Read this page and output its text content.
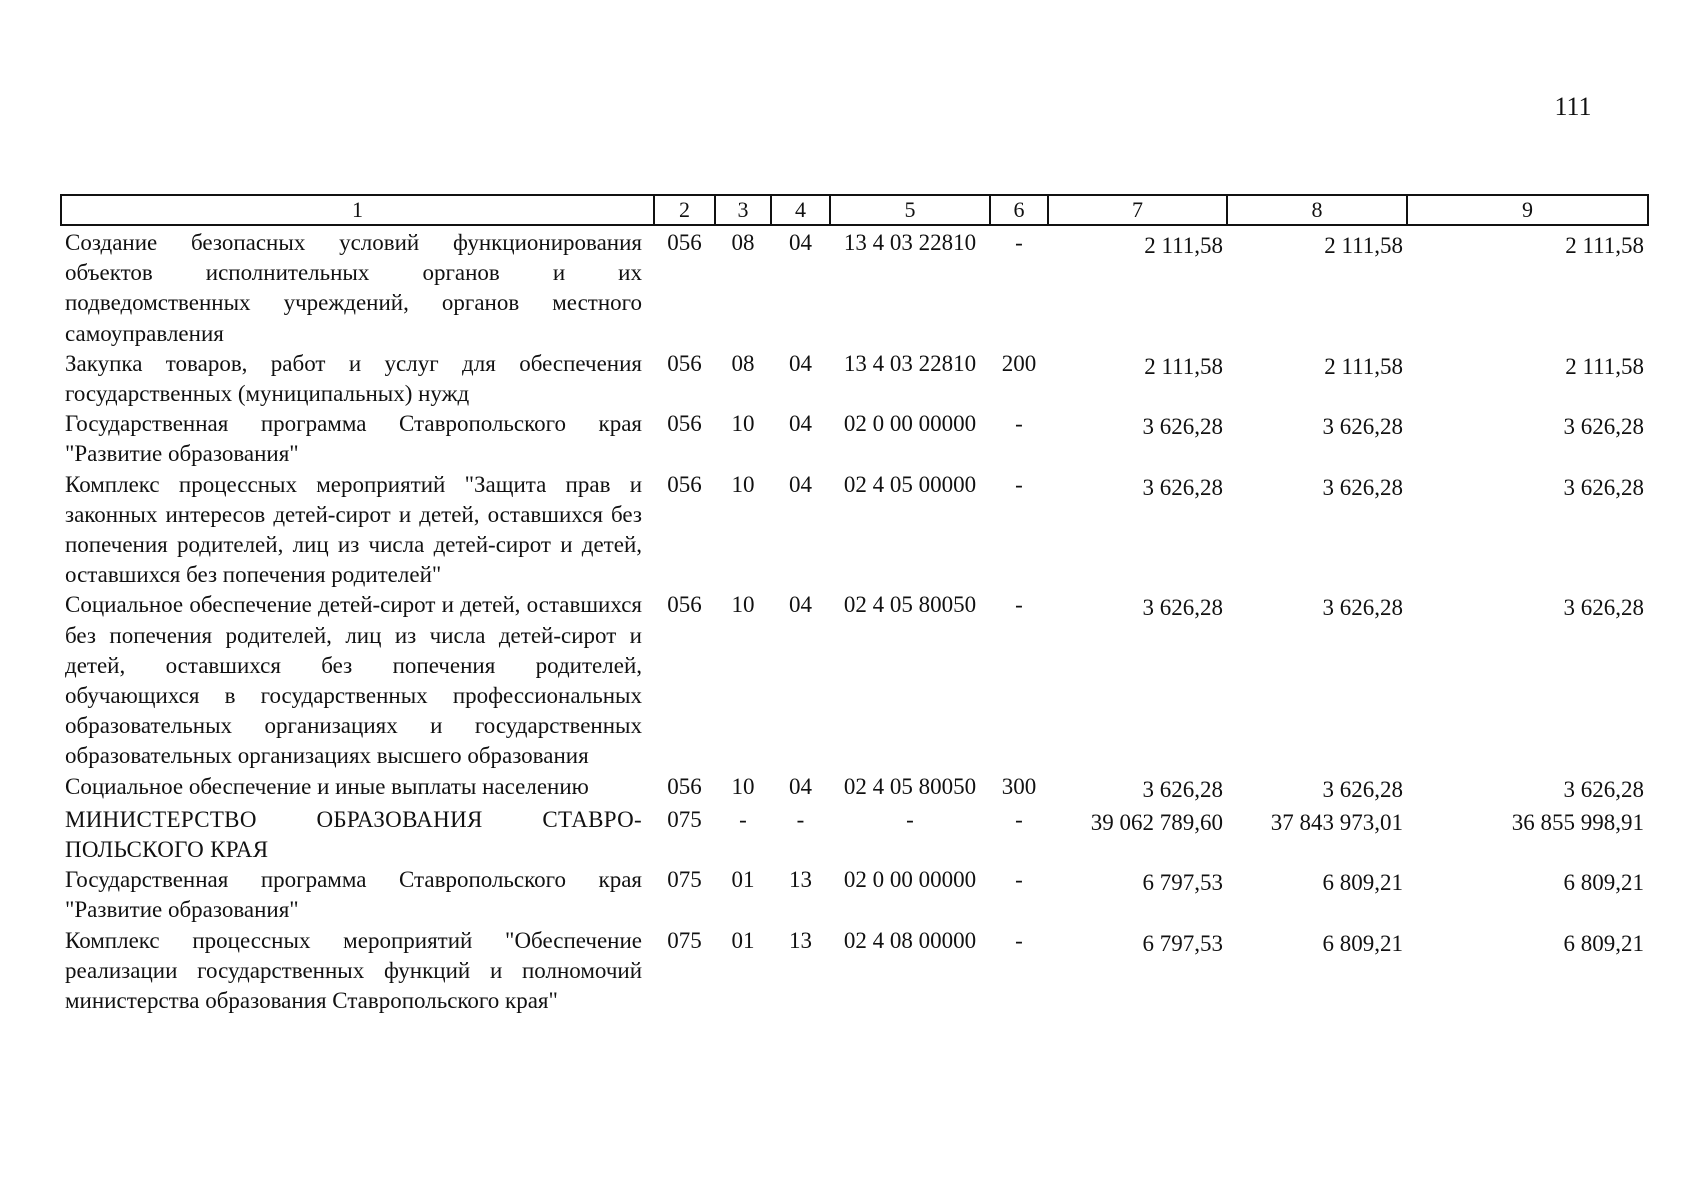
111
1	2	3	4	5	6	7	8	9

Создание безопасных условий функционирования объектов исполнительных органов и их подведомственных учреждений, органов местного самоуправления	056	08	04	13 4 03 22810	-	2 111,58	2 111,58	2 111,58
Закупка товаров, работ и услуг для обеспечения государственных (муниципальных) нужд	056	08	04	13 4 03 22810	200	2 111,58	2 111,58	2 111,58
Государственная программа Ставропольского края "Развитие образования"	056	10	04	02 0 00 00000	-	3 626,28	3 626,28	3 626,28
Комплекс процессных мероприятий "Защита прав и законных интересов детей-сирот и детей, оставшихся без попечения родителей, лиц из числа детей-сирот и детей, оставшихся без попечения родителей"	056	10	04	02 4 05 00000	-	3 626,28	3 626,28	3 626,28
Социальное обеспечение детей-сирот и детей, оставшихся без попечения родителей, лиц из числа детей-сирот и детей, оставшихся без попечения родителей, обучающихся в государственных профессиональных образовательных организациях и государственных образовательных организациях высшего образования	056	10	04	02 4 05 80050	-	3 626,28	3 626,28	3 626,28
Социальное обеспечение и иные выплаты населению	056	10	04	02 4 05 80050	300	3 626,28	3 626,28	3 626,28
МИНИСТЕРСТВО ОБРАЗОВАНИЯ СТАВРО-ПОЛЬСКОГО КРАЯ	075	-	-	-	-	39 062 789,60	37 843 973,01	36 855 998,91
Государственная программа Ставропольского края "Развитие образования"	075	01	13	02 0 00 00000	-	6 797,53	6 809,21	6 809,21
Комплекс процессных мероприятий "Обеспечение реализации государственных функций и полномочий министерства образования Ставропольского края"	075	01	13	02 4 08 00000	-	6 797,53	6 809,21	6 809,21
